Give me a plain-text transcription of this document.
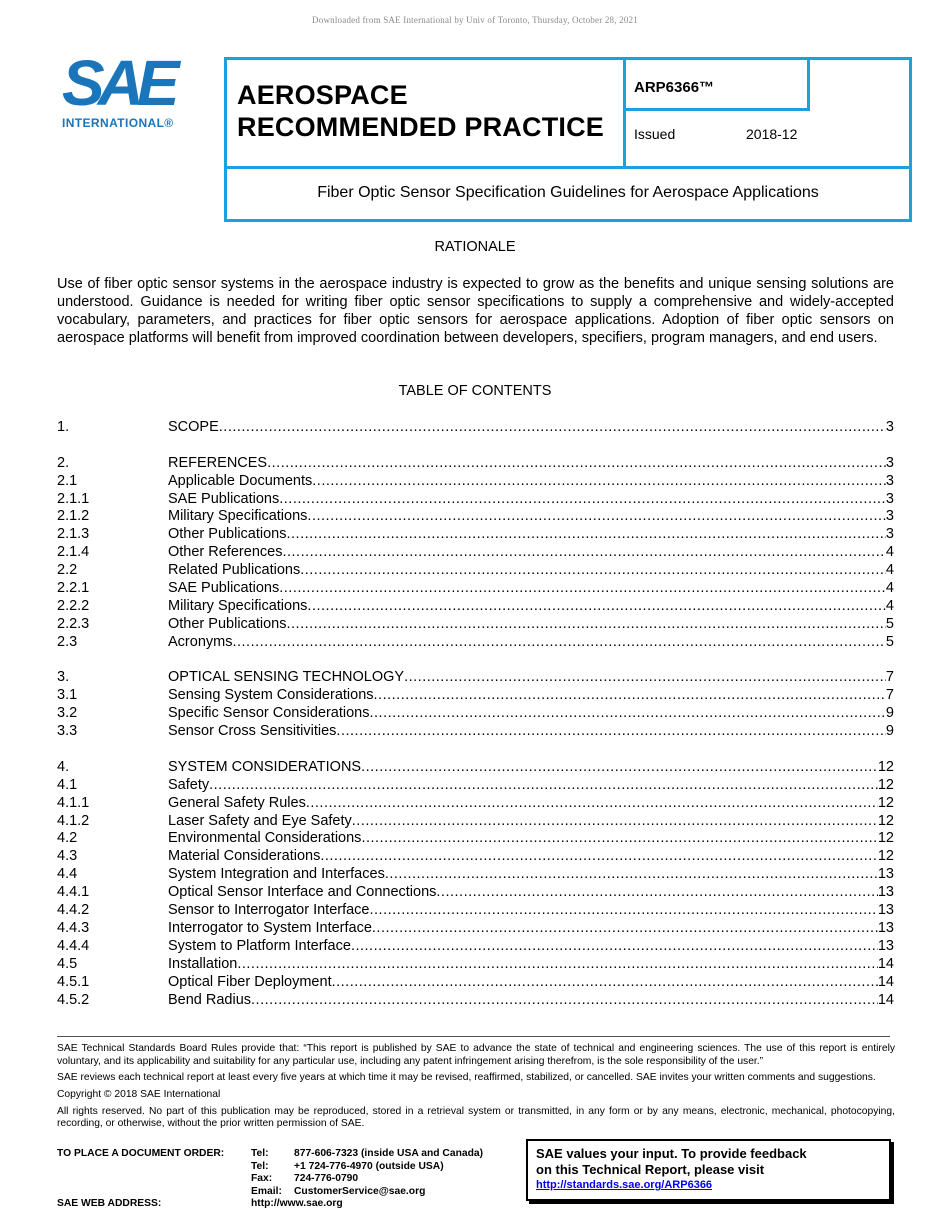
Downloaded from SAE International by Univ of Toronto, Thursday, October 28, 2021
SAE
INTERNATIONAL®
AEROSPACE
RECOMMENDED PRACTICE
ARP6366™
Issued	2018-12
Fiber Optic Sensor Specification Guidelines for Aerospace Applications
RATIONALE
Use of fiber optic sensor systems in the aerospace industry is expected to grow as the benefits and unique sensing solutions are understood. Guidance is needed for writing fiber optic sensor specifications to supply a comprehensive and widely-accepted vocabulary, parameters, and practices for fiber optic sensors for aerospace applications. Adoption of fiber optic sensors on aerospace platforms will benefit from improved coordination between developers, specifiers, program managers, and end users.
TABLE OF CONTENTS
1.	SCOPE .....	3
2.	REFERENCES .....	3
2.1	Applicable Documents .....	3
2.1.1	SAE Publications .....	3
2.1.2	Military Specifications .....	3
2.1.3	Other Publications .....	3
2.1.4	Other References .....	4
2.2	Related Publications .....	4
2.2.1	SAE Publications .....	4
2.2.2	Military Specifications .....	4
2.2.3	Other Publications .....	5
2.3	Acronyms .....	5
3.	OPTICAL SENSING TECHNOLOGY .....	7
3.1	Sensing System Considerations .....	7
3.2	Specific Sensor Considerations .....	9
3.3	Sensor Cross Sensitivities .....	9
4.	SYSTEM CONSIDERATIONS .....	12
4.1	Safety .....	12
4.1.1	General Safety Rules .....	12
4.1.2	Laser Safety and Eye Safety .....	12
4.2	Environmental Considerations .....	12
4.3	Material Considerations .....	12
4.4	System Integration and Interfaces .....	13
4.4.1	Optical Sensor Interface and Connections .....	13
4.4.2	Sensor to Interrogator Interface .....	13
4.4.3	Interrogator to System Interface .....	13
4.4.4	System to Platform Interface .....	13
4.5	Installation .....	14
4.5.1	Optical Fiber Deployment .....	14
4.5.2	Bend Radius .....	14

SAE Technical Standards Board Rules provide that: “This report is published by SAE to advance the state of technical and engineering sciences. The use of this report is entirely voluntary, and its applicability and suitability for any particular use, including any patent infringement arising therefrom, is the sole responsibility of the user.”

SAE reviews each technical report at least every five years at which time it may be revised, reaffirmed, stabilized, or cancelled. SAE invites your written comments and suggestions.

Copyright © 2018 SAE International

All rights reserved. No part of this publication may be reproduced, stored in a retrieval system or transmitted, in any form or by any means, electronic, mechanical, photocopying, recording, or otherwise, without the prior written permission of SAE.

TO PLACE A DOCUMENT ORDER:	Tel: 877-606-7323 (inside USA and Canada)
Tel: +1 724-776-4970 (outside USA)
Fax: 724-776-0790
Email: CustomerService@sae.org
SAE WEB ADDRESS:	http://www.sae.org
SAE values your input. To provide feedback
on this Technical Report, please visit
http://standards.sae.org/ARP6366
